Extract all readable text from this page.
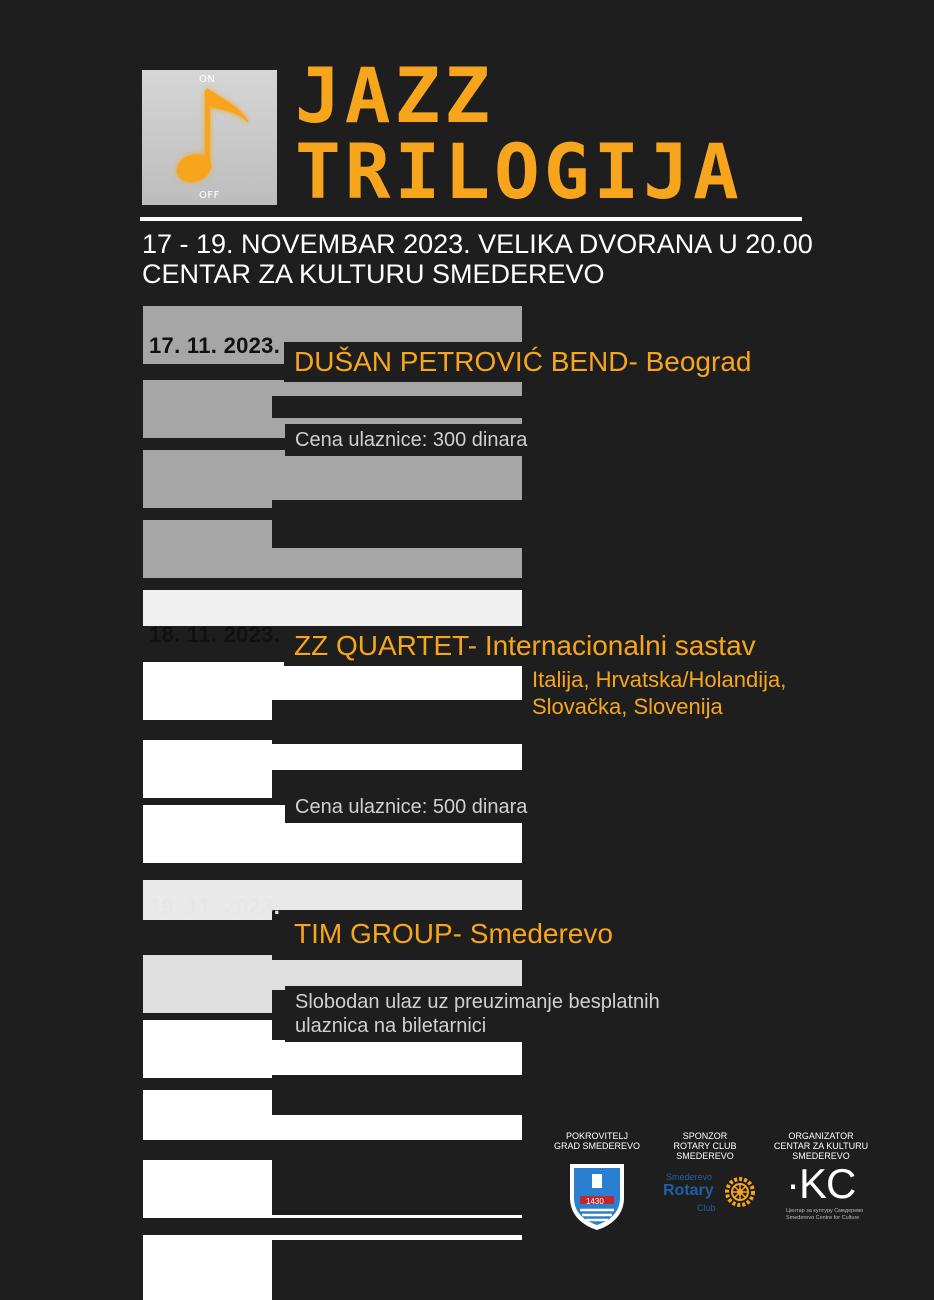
ON
OFF
JAZZ
TRILOGIJA
17 - 19. NOVEMBAR 2023. VELIKA DVORANA U 20.00
CENTAR ZA KULTURU SMEDEREVO
17. 11. 2023.
DUŠAN PETROVIĆ BEND- Beograd
Cena ulaznice: 300 dinara
18. 11. 2023. ZZ QUARTET- Internacionalni sastav
Italija, Hrvatska/Holandija,
Slovačka, Slovenija
Cena ulaznice: 500 dinara
19. 11. 2023.
TIM GROUP- Smederevo
Slobodan ulaz uz preuzimanje besplatnih
ulaznica na biletarnici
POKROVITELJ
GRAD SMEDEREVO
1430
SPONZOR
ROTARY CLUB
SMEDEREVO
Smederevo
Rotary
Club
ORGANIZATOR
CENTAR ZA KULTURU
SMEDEREVO
·KC
Центар за културу Смедерево
Smederevo Centre for Culture
